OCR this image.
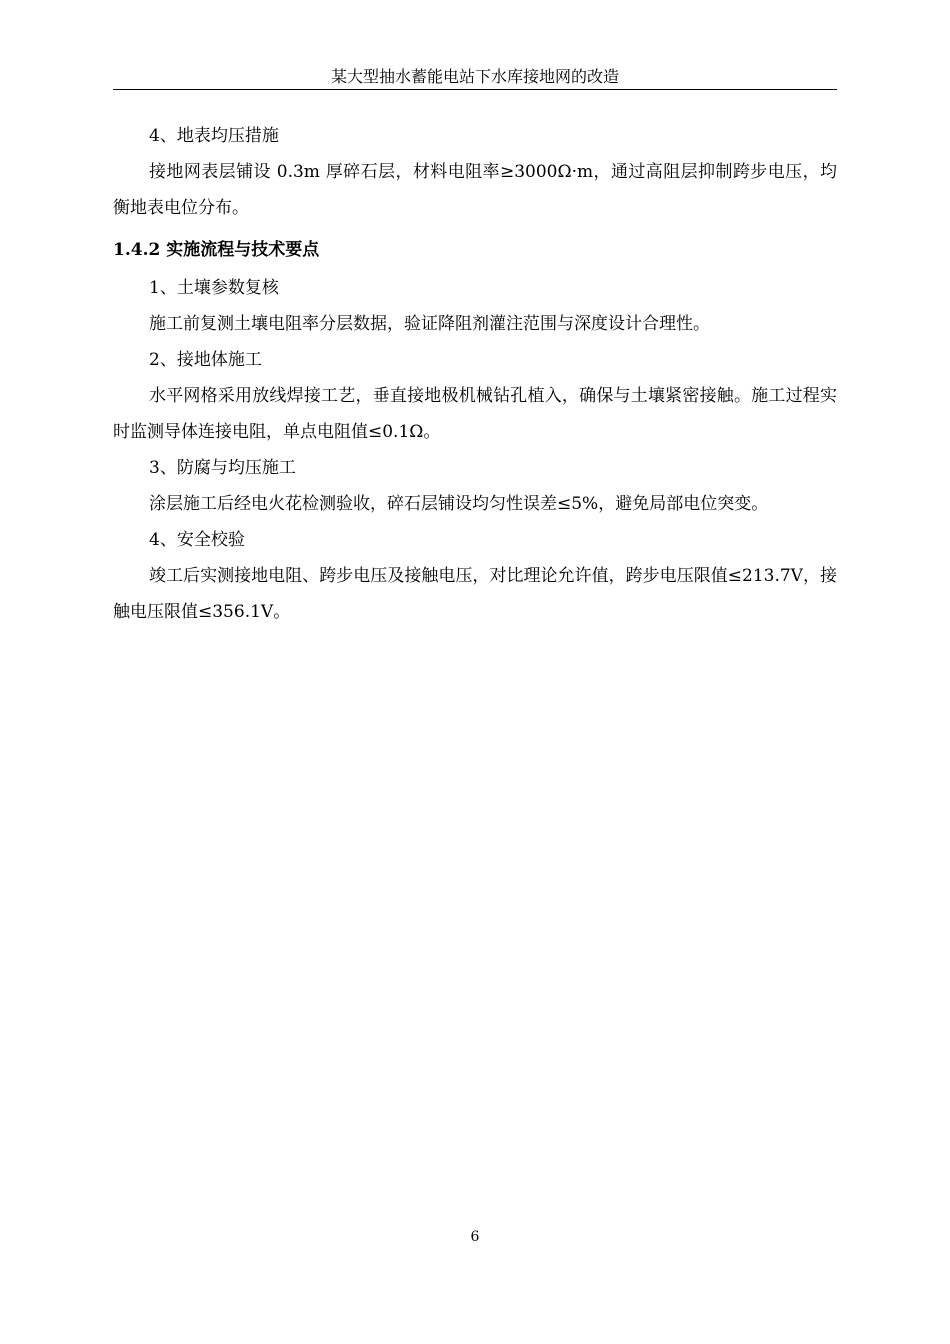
某大型抽水蓄能电站下水库接地网的改造

4、地表均压措施

接地网表层铺设 0.3m 厚碎石层，材料电阻率≥3000Ω·m，通过高阻层抑制跨步电压，均衡地表电位分布。

1.4.2 实施流程与技术要点

1、土壤参数复核

施工前复测土壤电阻率分层数据，验证降阻剂灌注范围与深度设计合理性。

2、接地体施工

水平网格采用放线焊接工艺，垂直接地极机械钻孔植入，确保与土壤紧密接触。施工过程实时监测导体连接电阻，单点电阻值≤0.1Ω。

3、防腐与均压施工

涂层施工后经电火花检测验收，碎石层铺设均匀性误差≤5%，避免局部电位突变。

4、安全校验

竣工后实测接地电阻、跨步电压及接触电压，对比理论允许值，跨步电压限值≤213.7V，接触电压限值≤356.1V。

6
